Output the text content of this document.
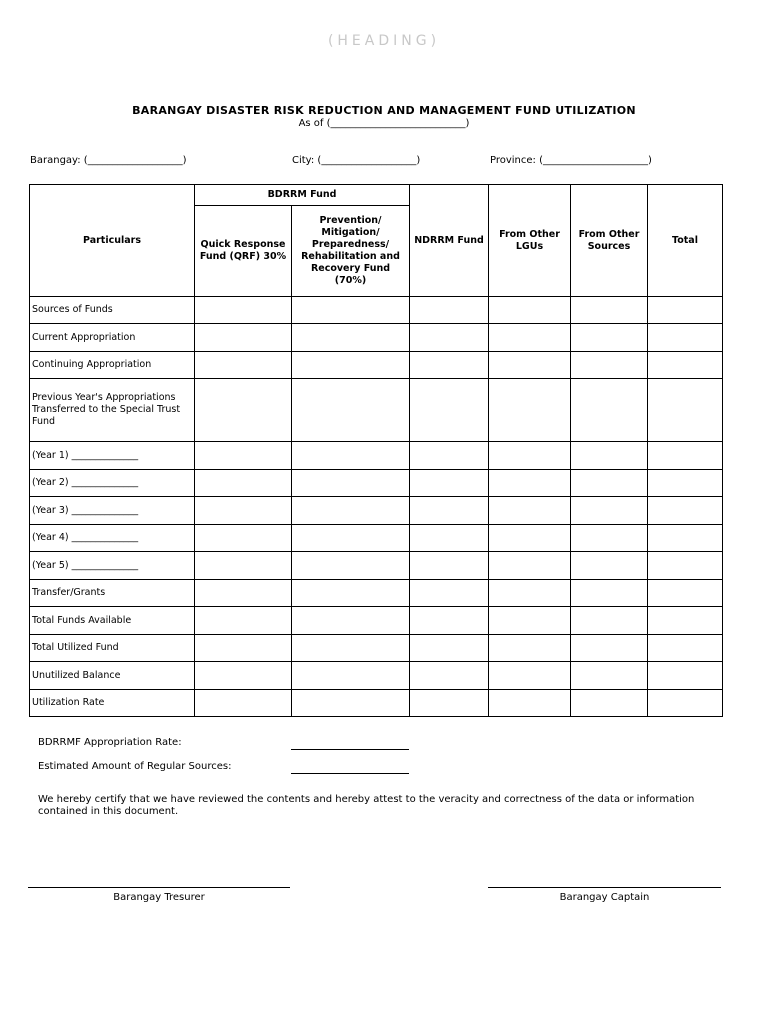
(HEADING)
BARANGAY DISASTER RISK REDUCTION AND MANAGEMENT FUND UTILIZATION
As of (___________________________)
Barangay: (___________________)	City: (___________________)	Province: (_____________________)
Particulars	BDRRM Fund		NDRRM Fund	From Other LGUs	From Other Sources	Total
	Quick Response Fund (QRF) 30%	Prevention/ Mitigation/ Preparedness/ Rehabilitation and Recovery Fund (70%)				
Sources of Funds						
Current Appropriation						
Continuing Appropriation						
Previous Year's Appropriations Transferred to the Special Trust Fund						
(Year 1) ______________						
(Year 2) ______________						
(Year 3) ______________						
(Year 4) ______________						
(Year 5) ______________						
Transfer/Grants						
Total Funds Available						
Total Utilized Fund						
Unutilized Balance						
Utilization Rate						
BDRRMF Appropriation Rate:
Estimated Amount of Regular Sources:
We hereby certify that we have reviewed the contents and hereby attest to the veracity and correctness of the data or information contained in this document.
Barangay Tresurer	Barangay Captain
